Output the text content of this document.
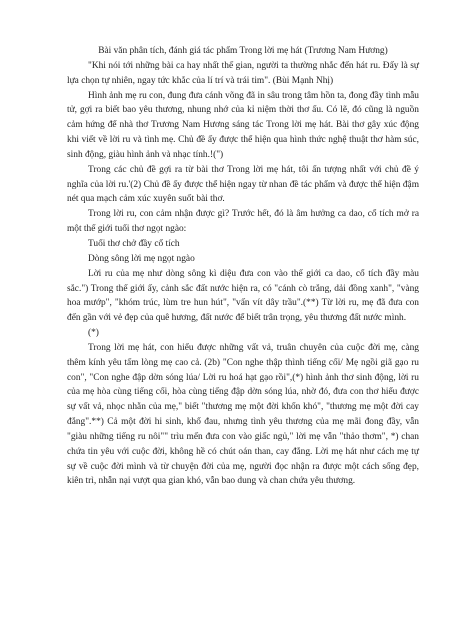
Bài văn phân tích, đánh giá tác phẩm Trong lời mẹ hát (Trương Nam Hương)

"Khi nói tới những bài ca hay nhất thế gian, người ta thường nhắc đến hát ru. Đấy là sự lựa chọn tự nhiên, ngay tức khắc của lí trí và trái tim". (Bùi Mạnh Nhị)

Hình ảnh mẹ ru con, đung đưa cánh võng đã in sâu trong tâm hồn ta, đong đầy tình mẫu tử, gợi ra biết bao yêu thương, nhung nhớ của kỉ niệm thời thơ ấu. Có lẽ, đó cũng là nguồn cảm hứng để nhà thơ Trương Nam Hương sáng tác Trong lời mẹ hát. Bài thơ gây xúc động khi viết về lời ru và tình mẹ. Chủ đề ấy được thể hiện qua hình thức nghệ thuật thơ hàm súc, sinh động, giàu hình ảnh và nhạc tính.!(")

Trong các chủ đề gợi ra từ bài thơ Trong lời mẹ hát, tôi ấn tượng nhất với chủ đề ý nghĩa của lời ru.'(2) Chủ đề ấy được thể hiện ngay từ nhan đề tác phẩm và được thể hiện đậm nét qua mạch cảm xúc xuyên suốt bài thơ.

Trong lời ru, con cảm nhận được gì? Trước hết, đó là âm hưởng ca dao, cổ tích mở ra một thế giới tuổi thơ ngọt ngào:

Tuổi thơ chở đầy cổ tích

Dòng sông lời mẹ ngọt ngào

Lời ru của mẹ như dòng sông kì diệu đưa con vào thế giới ca dao, cổ tích đầy màu sắc.") Trong thế giới ấy, cảnh sắc đất nước hiện ra, có "cánh cò trắng, dải đồng xanh", "vàng hoa mướp", "khóm trúc, lùm tre hun hút", "vấn vít dây trầu".(**) Từ lời ru, mẹ đã đưa con đến gần với vẻ đẹp của quê hương, đất nước để biết trân trọng, yêu thương đất nước mình.

(*)

Trong lời mẹ hát, con hiểu được những vất vả, truân chuyên của cuộc đời mẹ, càng thêm kính yêu tấm lòng mẹ cao cả. (2b) "Con nghe thập thình tiếng cối/ Mẹ ngồi giã gạo ru con", "Con nghe đập dờn sóng lúa/ Lời ru hoá hạt gạo rồi",(*) hình ảnh thơ sinh động, lời ru của mẹ hòa cùng tiếng cối, hòa cùng tiếng đập dờn sóng lúa, nhờ đó, đưa con thơ hiểu được sự vất vả, nhọc nhằn của mẹ," biết "thương mẹ một đời khốn khó", "thương mẹ một đời cay đắng".**) Cả một đời hi sinh, khổ đau, nhưng tình yêu thương của mẹ mãi đong đầy, vẫn "giàu những tiếng ru nôi"" trìu mến đưa con vào giấc ngủ," lời mẹ vẫn "thảo thơm", *) chan chứa tin yêu với cuộc đời, không hề có chút oán than, cay đắng. Lời mẹ hát như cách mẹ tự sự về cuộc đời mình và từ chuyện đời của mẹ, người đọc nhận ra được một cách sống đẹp, kiên trì, nhẫn nại vượt qua gian khó, vẫn bao dung và chan chứa yêu thương.
